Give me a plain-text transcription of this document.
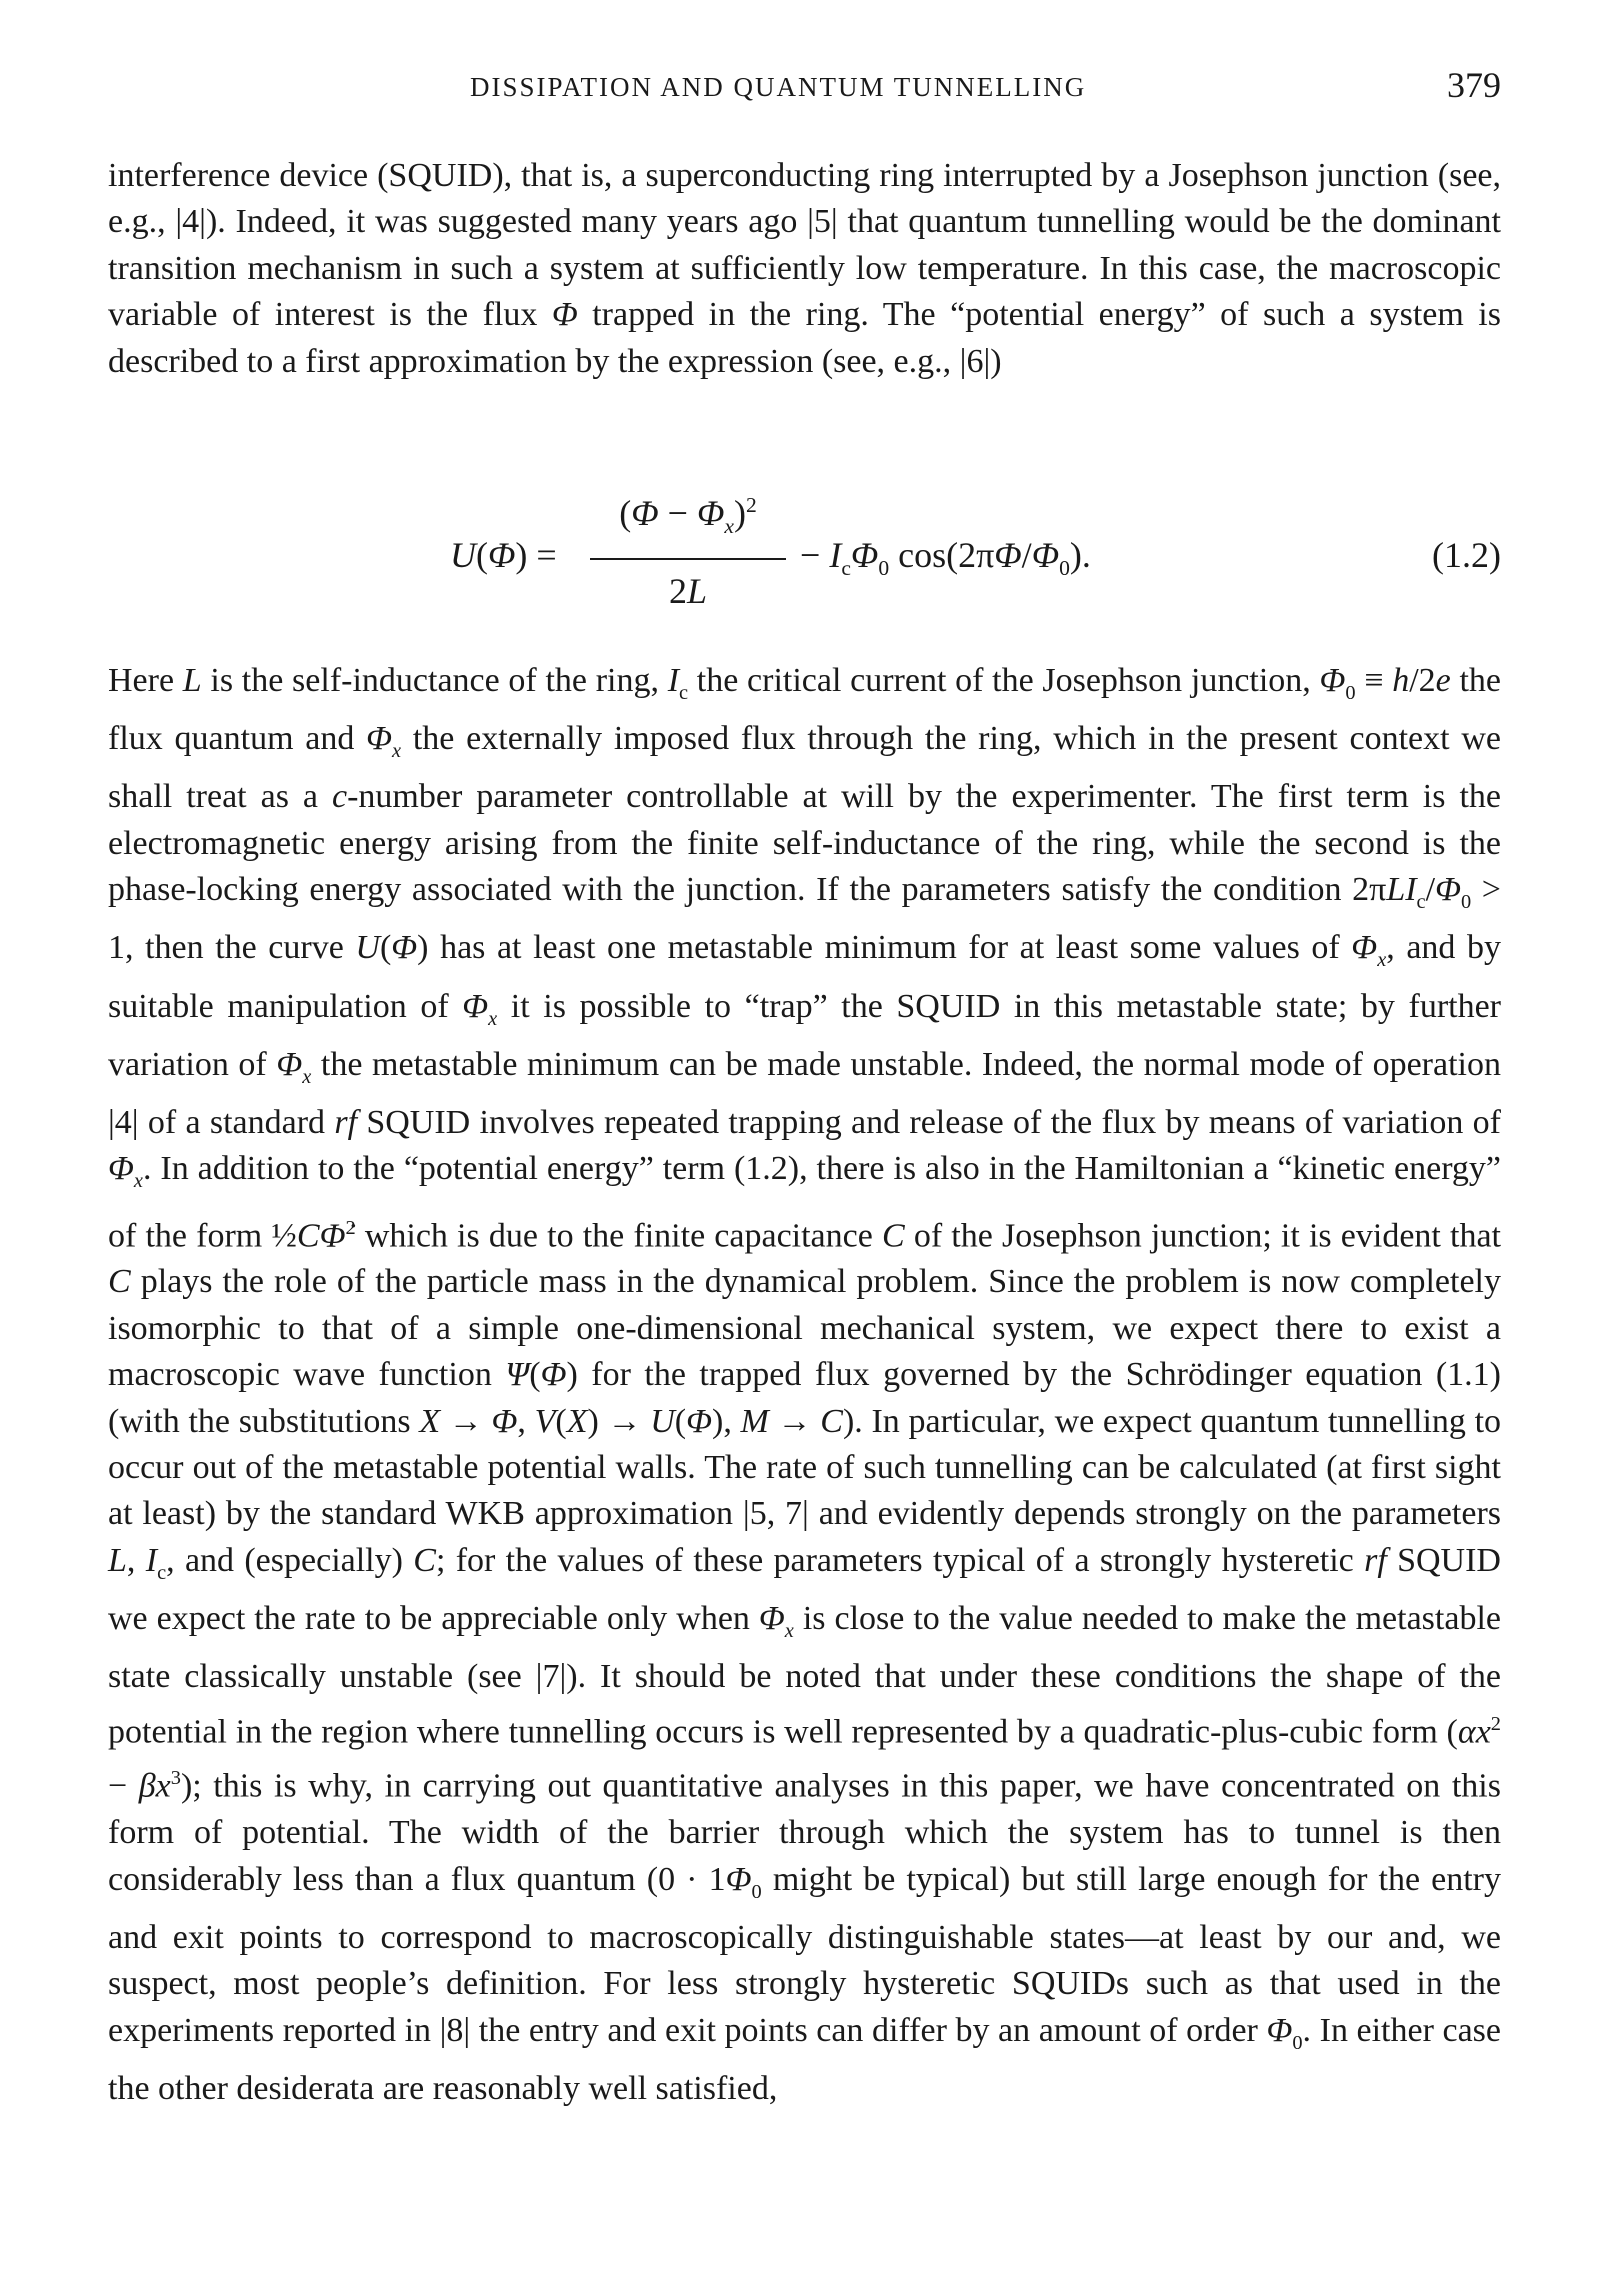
DISSIPATION AND QUANTUM TUNNELLING	379
interference device (SQUID), that is, a superconducting ring interrupted by a Josephson junction (see, e.g., |4|). Indeed, it was suggested many years ago |5| that quantum tunnelling would be the dominant transition mechanism in such a system at sufficiently low temperature. In this case, the macroscopic variable of interest is the flux Φ trapped in the ring. The “potential energy” of such a system is described to a first approximation by the expression (see, e.g., |6|)
U(Φ) =
$(\Phi - \Phi_x)^2$
2L
− $I_c\Phi_0$ $\cos(2\pi\Phi/\Phi_0)$.	(1.2)
Here L is the self-inductance of the ring, $I_c$ the critical current of the Josephson junction, $\Phi_0 \equiv h/2e$ the flux quantum and $\Phi_x$ the externally imposed flux through the ring, which in the present context we shall treat as a c-number parameter controllable at will by the experimenter. The first term is the electromagnetic energy arising from the finite self-inductance of the ring, while the second is the phase-locking energy associated with the junction. If the parameters satisfy the condition $2\pi LI_c/\Phi_0 > 1$, then the curve U(Φ) has at least one metastable minimum for at least some values of $\Phi_x$, and by suitable manipulation of $\Phi_x$ it is possible to “trap” the SQUID in this metastable state; by further variation of $\Phi_x$ the metastable minimum can be made unstable. Indeed, the normal mode of operation |4| of a standard rf SQUID involves repeated trapping and release of the flux by means of variation of $\Phi_x$. In addition to the “potential energy” term (1.2), there is also in the Hamiltonian a “kinetic energy” of the form ½CΦ̇$^2$ which is due to the finite capacitance C of the Josephson junction; it is evident that C plays the role of the particle mass in the dynamical problem. Since the problem is now completely isomorphic to that of a simple one-dimensional mechanical system, we expect there to exist a macroscopic wave function Ψ(Φ) for the trapped flux governed by the Schrödinger equation (1.1) (with the substitutions X → Φ, V(X) → U(Φ), M → C). In particular, we expect quantum tunnelling to occur out of the metastable potential walls. The rate of such tunnelling can be calculated (at first sight at least) by the standard WKB approximation |5, 7| and evidently depends strongly on the parameters L, $I_c$, and (especially) C; for the values of these parameters typical of a strongly hysteretic rf SQUID we expect the rate to be appreciable only when $\Phi_x$ is close to the value needed to make the metastable state classically unstable (see |7|). It should be noted that under these conditions the shape of the potential in the region where tunnelling occurs is well represented by a quadratic-plus-cubic form $(\alpha x^2 - \beta x^3)$; this is why, in carrying out quantitative analyses in this paper, we have concentrated on this form of potential. The width of the barrier through which the system has to tunnel is then considerably less than a flux quantum ($0 \cdot 1\Phi_0$ might be typical) but still large enough for the entry and exit points to correspond to macroscopically distinguishable states—at least by our and, we suspect, most people’s definition. For less strongly hysteretic SQUIDs such as that used in the experiments reported in |8| the entry and exit points can differ by an amount of order $\Phi_0$. In either case the other desiderata are reasonably well satisfied,
